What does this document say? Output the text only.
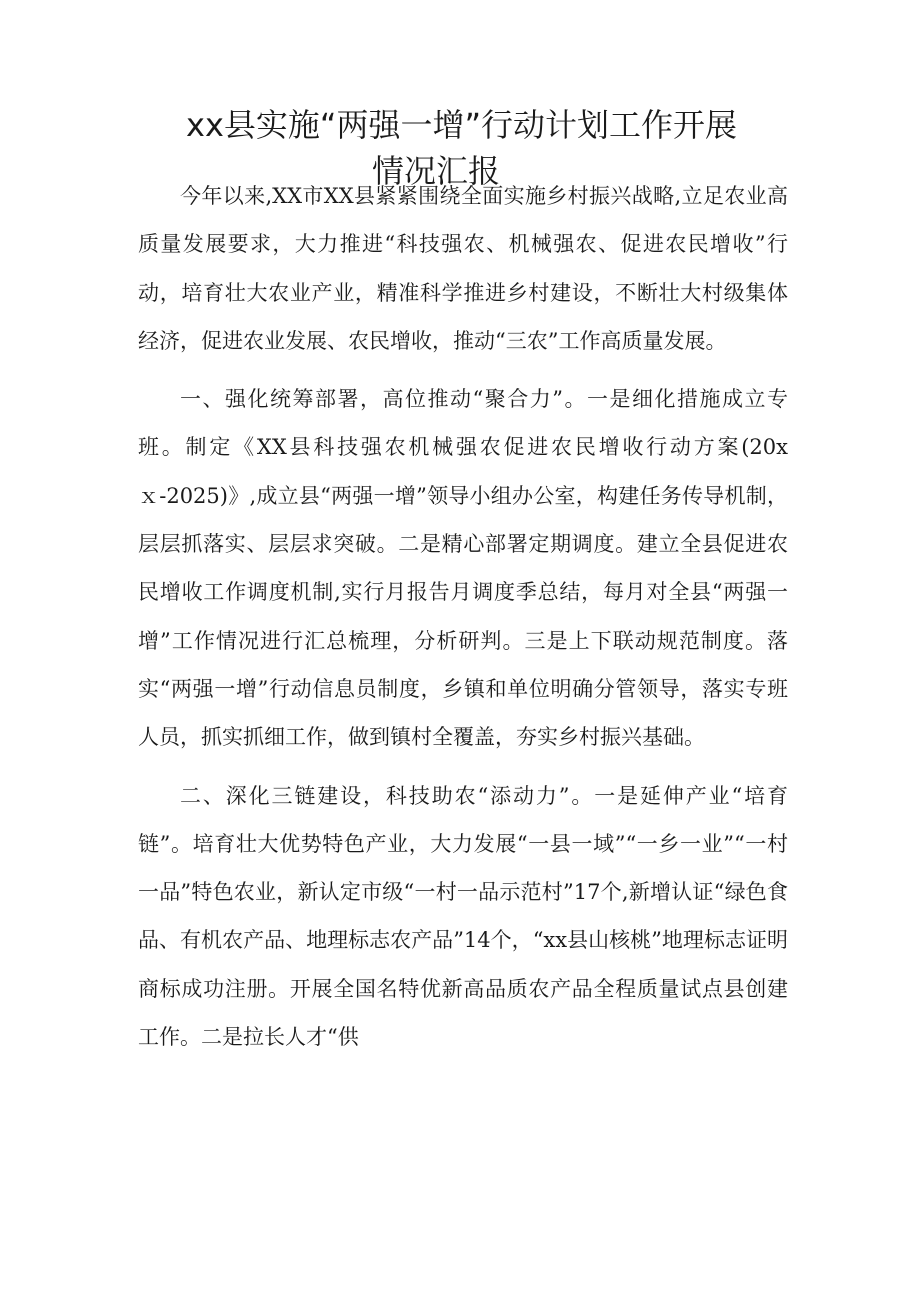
xx县实施“两强一增”行动计划工作开展
情况汇报

今年以来,XX市XX县紧紧围绕全面实施乡村振兴战略,立足农业高质量发展要求，大力推进“科技强农、机械强农、促进农民增收”行动，培育壮大农业产业，精准科学推进乡村建设，不断壮大村级集体经济，促进农业发展、农民增收，推动“三农”工作高质量发展。

一、强化统筹部署，高位推动“聚合力”。一是细化措施成立专班。制定《XX县科技强农机械强农促进农民增收行动方案(20xｘ-2025)》,成立县“两强一增”领导小组办公室，构建任务传导机制，层层抓落实、层层求突破。二是精心部署定期调度。建立全县促进农民增收工作调度机制,实行月报告月调度季总结，每月对全县“两强一增”工作情况进行汇总梳理，分析研判。三是上下联动规范制度。落实“两强一增”行动信息员制度，乡镇和单位明确分管领导，落实专班人员，抓实抓细工作，做到镇村全覆盖，夯实乡村振兴基础。

二、深化三链建设，科技助农“添动力”。一是延伸产业“培育链”。培育壮大优势特色产业，大力发展“一县一域”“一乡一业”“一村一品”特色农业，新认定市级“一村一品示范村”17个,新增认证“绿色食品、有机农产品、地理标志农产品”14个，“xx县山核桃”地理标志证明商标成功注册。开展全国名特优新高品质农产品全程质量试点县创建工作。二是拉长人才“供
